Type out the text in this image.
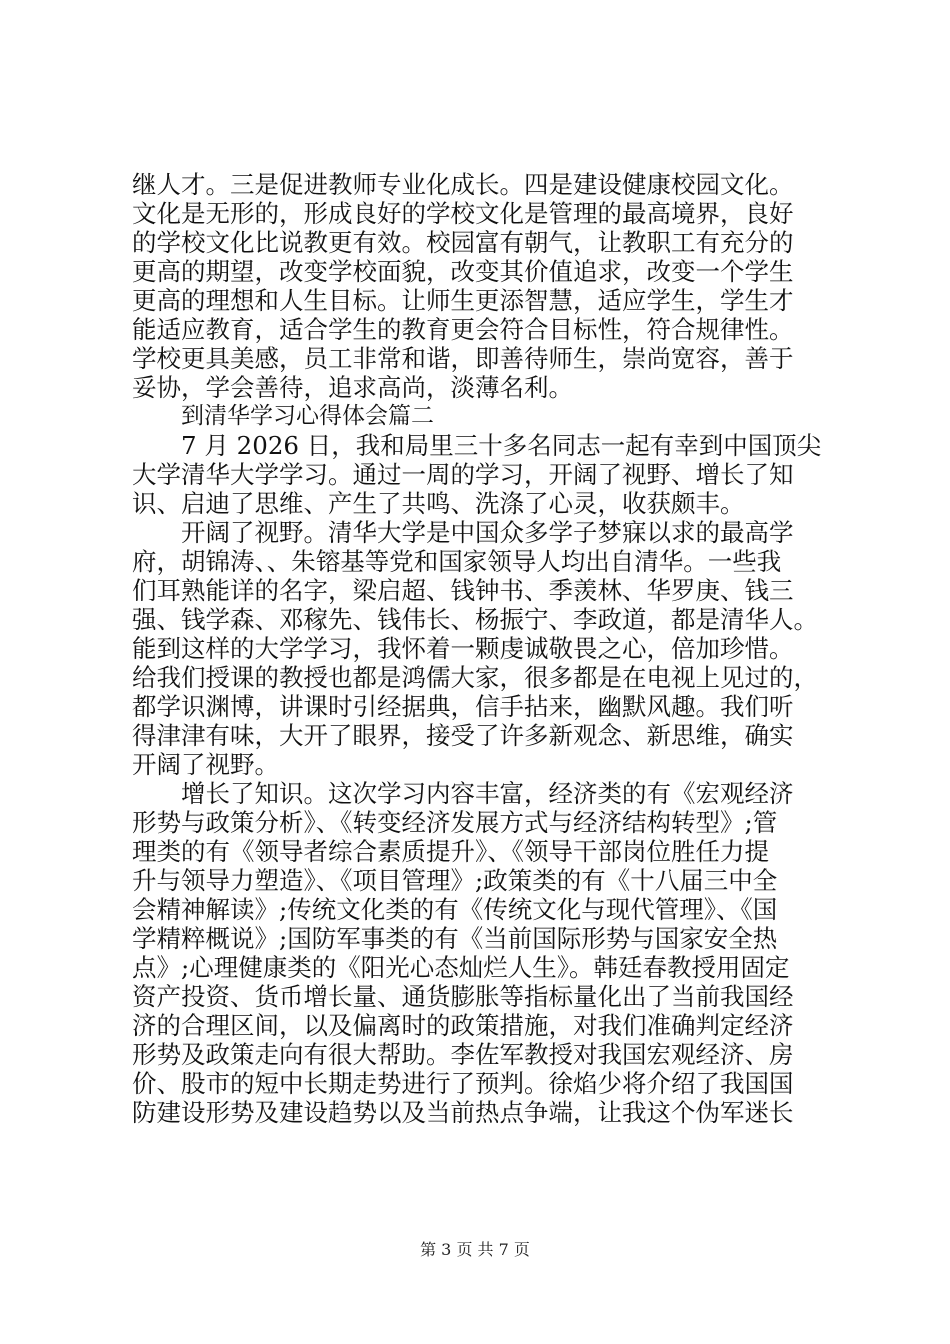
继人才。三是促进教师专业化成长。四是建设健康校园文化。
文化是无形的，形成良好的学校文化是管理的最高境界，良好
的学校文化比说教更有效。校园富有朝气，让教职工有充分的
更高的期望，改变学校面貌，改变其价值追求，改变一个学生
更高的理想和人生目标。让师生更添智慧，适应学生，学生才
能适应教育，适合学生的教育更会符合目标性，符合规律性。
学校更具美感，员工非常和谐，即善待师生，崇尚宽容，善于
妥协，学会善待，追求高尚，淡薄名利。
到清华学习心得体会篇二
7 月 2026 日，我和局里三十多名同志一起有幸到中国顶尖
大学清华大学学习。通过一周的学习，开阔了视野、增长了知
识、启迪了思维、产生了共鸣、洗涤了心灵，收获颇丰。
开阔了视野。清华大学是中国众多学子梦寐以求的最高学
府，胡锦涛、、朱镕基等党和国家领导人均出自清华。一些我
们耳熟能详的名字，梁启超、钱钟书、季羡林、华罗庚、钱三
强、钱学森、邓稼先、钱伟长、杨振宁、李政道，都是清华人。
能到这样的大学学习，我怀着一颗虔诚敬畏之心，倍加珍惜。
给我们授课的教授也都是鸿儒大家，很多都是在电视上见过的，
都学识渊博，讲课时引经据典，信手拈来，幽默风趣。我们听
得津津有味，大开了眼界，接受了许多新观念、新思维，确实
开阔了视野。
增长了知识。这次学习内容丰富，经济类的有《宏观经济
形势与政策分析》、《转变经济发展方式与经济结构转型》;管
理类的有《领导者综合素质提升》、《领导干部岗位胜任力提
升与领导力塑造》、《项目管理》;政策类的有《十八届三中全
会精神解读》;传统文化类的有《传统文化与现代管理》、《国
学精粹概说》;国防军事类的有《当前国际形势与国家安全热
点》;心理健康类的《阳光心态灿烂人生》。韩廷春教授用固定
资产投资、货币增长量、通货膨胀等指标量化出了当前我国经
济的合理区间，以及偏离时的政策措施，对我们准确判定经济
形势及政策走向有很大帮助。李佐军教授对我国宏观经济、房
价、股市的短中长期走势进行了预判。徐焰少将介绍了我国国
防建设形势及建设趋势以及当前热点争端，让我这个伪军迷长
第 3 页 共 7 页
